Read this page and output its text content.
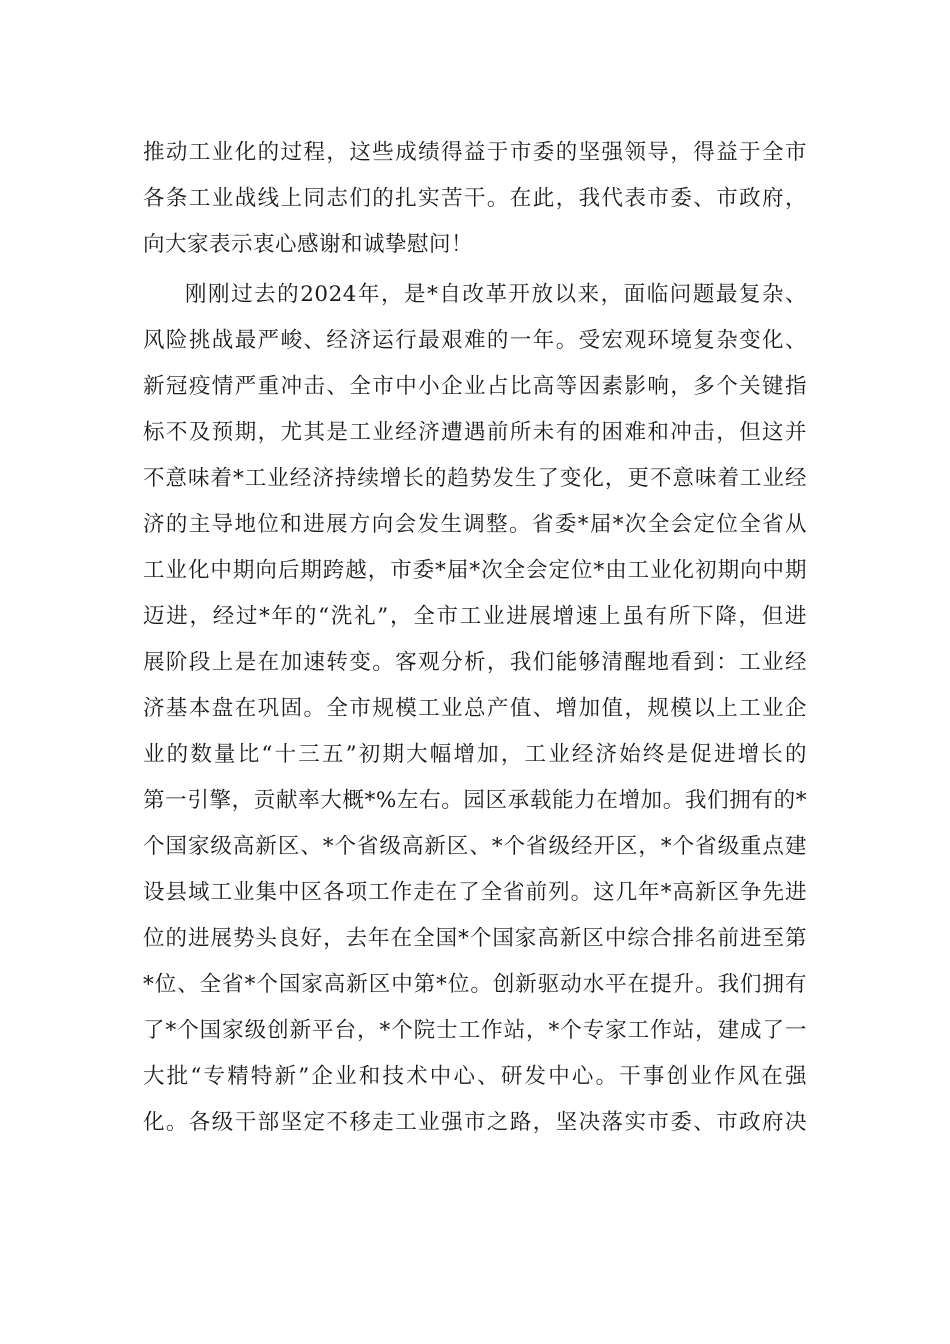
推动工业化的过程，这些成绩得益于市委的坚强领导，得益于全市
各条工业战线上同志们的扎实苦干。在此，我代表市委、市政府，
向大家表示衷心感谢和诚挚慰问！
刚刚过去的2024年，是*自改革开放以来，面临问题最复杂、
风险挑战最严峻、经济运行最艰难的一年。受宏观环境复杂变化、
新冠疫情严重冲击、全市中小企业占比高等因素影响，多个关键指
标不及预期，尤其是工业经济遭遇前所未有的困难和冲击，但这并
不意味着*工业经济持续增长的趋势发生了变化，更不意味着工业经
济的主导地位和进展方向会发生调整。省委*届*次全会定位全省从
工业化中期向后期跨越，市委*届*次全会定位*由工业化初期向中期
迈进，经过*年的“洗礼”，全市工业进展增速上虽有所下降，但进
展阶段上是在加速转变。客观分析，我们能够清醒地看到：工业经
济基本盘在巩固。全市规模工业总产值、增加值，规模以上工业企
业的数量比“十三五”初期大幅增加，工业经济始终是促进增长的
第一引擎，贡献率大概*%左右。园区承载能力在增加。我们拥有的*
个国家级高新区、*个省级高新区、*个省级经开区，*个省级重点建
设县域工业集中区各项工作走在了全省前列。这几年*高新区争先进
位的进展势头良好，去年在全国*个国家高新区中综合排名前进至第
*位、全省*个国家高新区中第*位。创新驱动水平在提升。我们拥有
了*个国家级创新平台，*个院士工作站，*个专家工作站，建成了一
大批“专精特新”企业和技术中心、研发中心。干事创业作风在强
化。各级干部坚定不移走工业强市之路，坚决落实市委、市政府决
